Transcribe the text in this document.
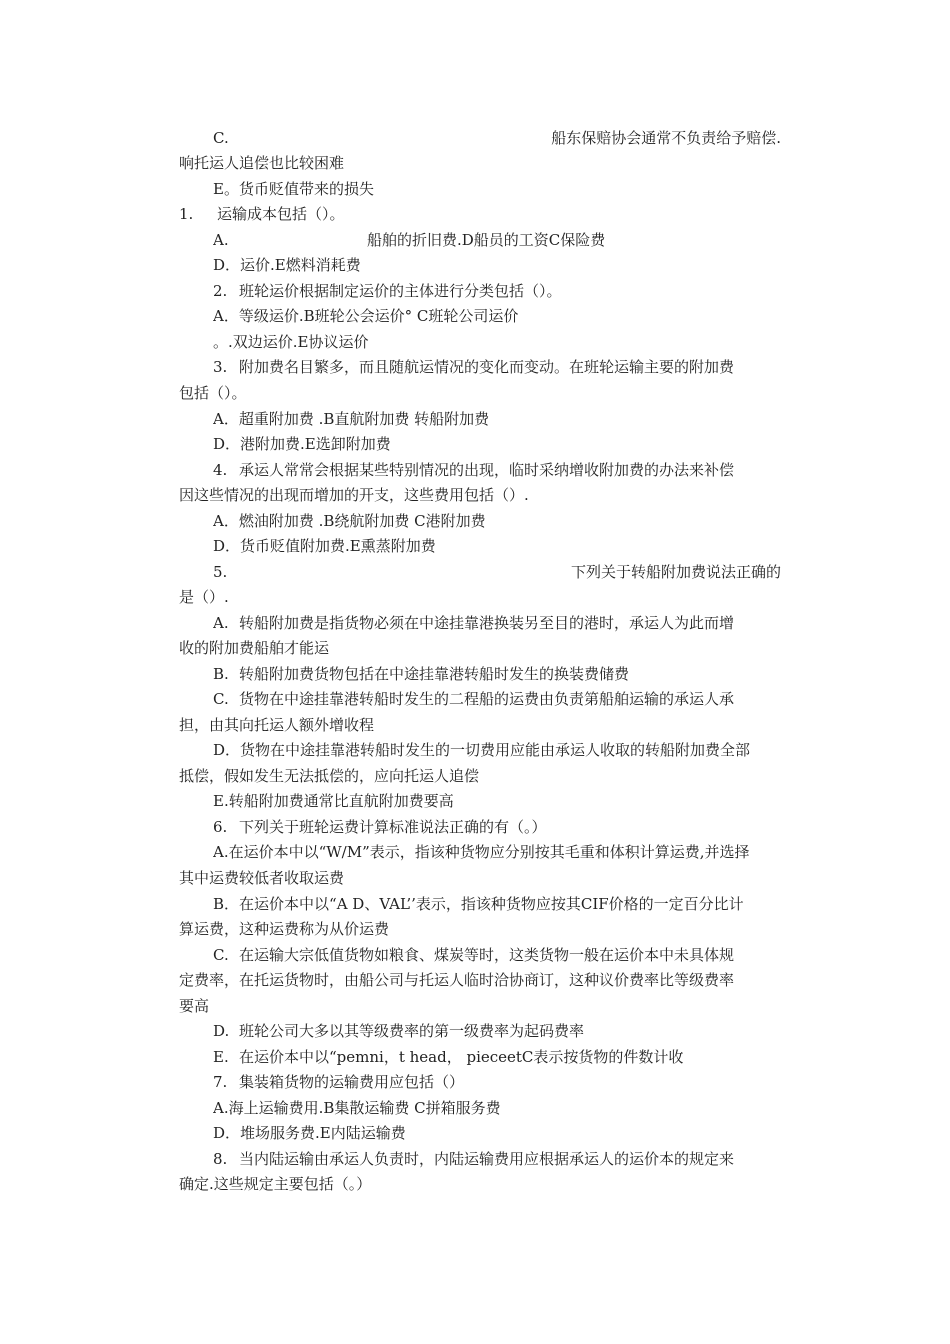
C.	船东保赔协会通常不负责给予赔偿.
响托运人追偿也比较困难
E。货币贬值带来的损失
1. 运输成本包括（）。
A.	船舶的折旧费.D船员的工资C保险费
D．运价.E燃料消耗费
2. 班轮运价根据制定运价的主体进行分类包括（）。
A．等级运价.B班轮公会运价° C班轮公司运价
。.双边运价.E协议运价
3. 附加费名目繁多，而且随航运情况的变化而变动。在班轮运输主要的附加费
包括（）。
A．超重附加费 .B直航附加费 转船附加费
D．港附加费.E选卸附加费
4. 承运人常常会根据某些特别情况的出现，临时采纳增收附加费的办法来补偿
因这些情况的出现而增加的开支，这些费用包括（）.
A．燃油附加费 .B绕航附加费 C港附加费
D．货币贬值附加费.E熏蒸附加费
5.	下列关于转船附加费说法正确的
是（）.
A. 转船附加费是指货物必须在中途挂靠港换装另至目的港时，承运人为此而增
收的附加费船舶才能运
B. 转船附加费货物包括在中途挂靠港转船时发生的换装费储费
C. 货物在中途挂靠港转船时发生的二程船的运费由负责第船舶运输的承运人承
担，由其向托运人额外增收程
D．货物在中途挂靠港转船时发生的一切费用应能由承运人收取的转船附加费全部
抵偿，假如发生无法抵偿的，应向托运人追偿
E.转船附加费通常比直航附加费要高
6. 下列关于班轮运费计算标准说法正确的有（。）
A.在运价本中以“W/M”表示，指该种货物应分别按其毛重和体积计算运费,并选择
其中运费较低者收取运费
B．在运价本中以“A D、VAL’’表示，指该种货物应按其CIF价格的一定百分比计
算运费，这种运费称为从价运费
C. 在运输大宗低值货物如粮食、煤炭等时，这类货物一般在运价本中未具体规
定费率，在托运货物时，由船公司与托运人临时洽协商订，这种议价费率比等级费率
要高
D. 班轮公司大多以其等级费率的第一级费率为起码费率
E. 在运价本中以“pemni，t head， pieceetC表示按货物的件数计收
7. 集装箱货物的运输费用应包括（）
A.海上运输费用.B集散运输费 C拼箱服务费
D．堆场服务费.E内陆运输费
8. 当内陆运输由承运人负责时，内陆运输费用应根据承运人的运价本的规定来
确定.这些规定主要包括（。）
